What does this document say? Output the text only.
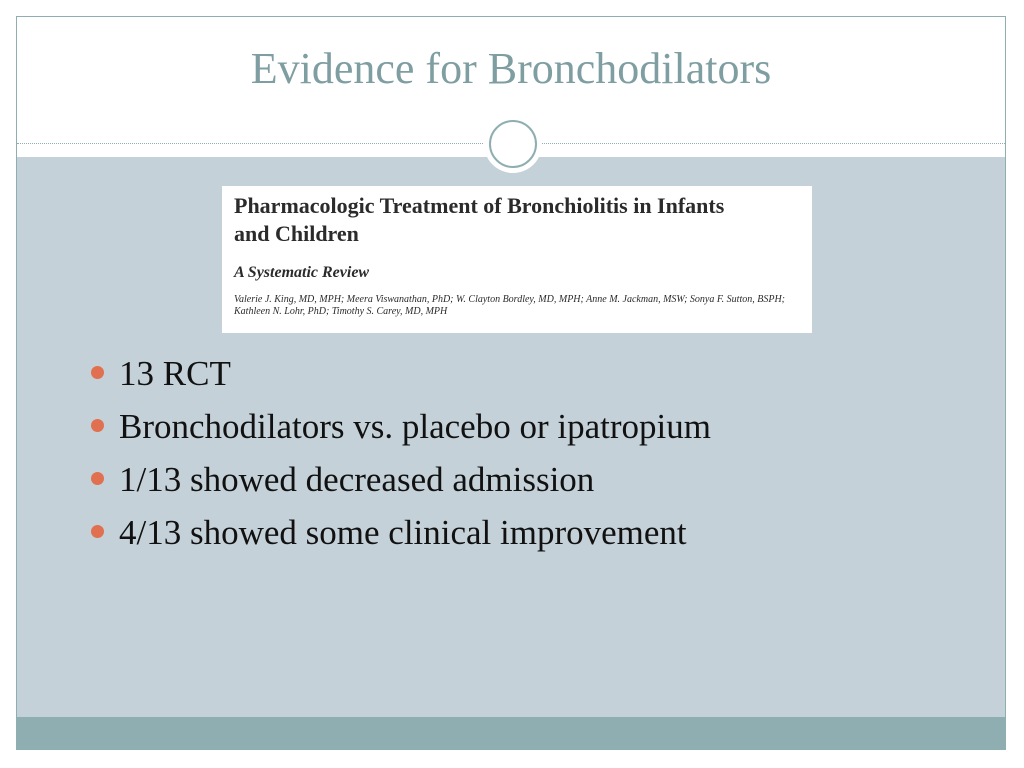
Evidence for Bronchodilators
Pharmacologic Treatment of Bronchiolitis in Infants and Children
A Systematic Review
Valerie J. King, MD, MPH; Meera Viswanathan, PhD; W. Clayton Bordley, MD, MPH; Anne M. Jackman, MSW; Sonya F. Sutton, BSPH; Kathleen N. Lohr, PhD; Timothy S. Carey, MD, MPH
13 RCT
Bronchodilators vs. placebo or ipatropium
1/13 showed decreased admission
4/13 showed some clinical improvement
